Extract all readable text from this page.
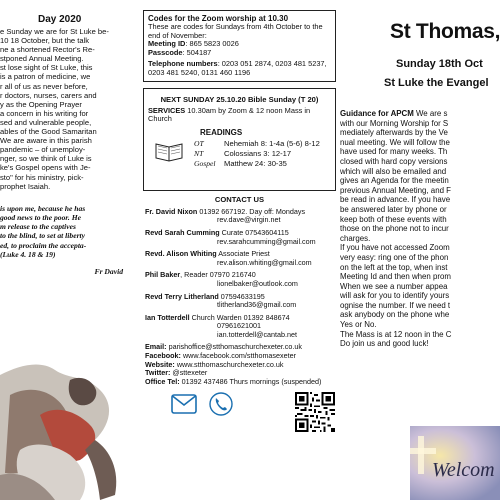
Day 2020

e Sunday we are for St Luke be-

10 18 October, but the talk

ne a shortened Rector's Re-

stponed Annual Meeting.

st lose sight of St Luke, this

is a patron of medicine, we

r all of us as never before,

r doctors, nurses, carers and

y as the Opening Prayer

a concern in his writing for

sed and vulnerable people,

ables of the Good Samaritan

We are aware in this parish

pandemic – of unemploy-

nger, so we think of Luke is

ke's Gospel opens with Je-

sto" for his ministry, pick-

prophet Isaiah.

is upon me, because he has
good news to the poor. He
m release to the captives
to the blind, to set at liberty
ed, to proclaim the accepta-
(Luke 4. 18 & 19)
Fr David
Codes for the Zoom worship at 10.30
These are codes for Sundays from 4th October to the end of November:
Meeting ID: 865 5823 0026
Passcode: 504187
Telephone numbers: 0203 051 2874, 0203 481 5237, 0203 481 5240, 0131 460 1196
NEXT SUNDAY 25.10.20 Bible Sunday (T 20)
SERVICES 10.30am by Zoom & 12 noon Mass in Church
READINGS
OT	Nehemiah 8: 1-4a (5-6) 8-12
NT	Colossians 3: 12-17
Gospel Matthew 24: 30-35
CONTACT US
Fr. David Nixon 01392 667192. Day off: Mondays
rev.dave@virgin.net
Revd Sarah Cumming Curate 07543604115
rev.sarahcumming@gmail.com
Revd. Alison Whiting Associate Priest
rev.alison.whiting@gmail.com
Phil Baker, Reader 07970 216740
lionelbaker@outlook.com
Revd Terry Litherland 07594633195
tlitherland36@gmail.com
Ian Totterdell Church Warden 01392 848674
07961621001 ian.totterdell@cantab.net
Email: parishoffice@stthomaschurchexeter.co.uk
Facebook: www.facebook.com/stthomasexeter
Website: www.stthomaschurchexeter.co.uk
Twitter: @sttexeter
Office Tel: 01392 437486 Thurs mornings (suspended)
St Thomas,
Sunday 18th Oct
St Luke the Evangel

Guidance for APCM We are s

with our Morning Worship for S

mediately afterwards by the Ve

nual meeting. We will follow the

have used for many weeks. Th

closed with hard copy versions

which will also be emailed and

gives an Agenda for the meetin

previous Annual Meeting, and F

be read in advance. If you have

be answered later by phone or

keep both of these events with

those on the phone not to incur

charges.

If you have not accessed Zoom

very easy: ring one of the phon

on the left at the top, when inst

Meeting Id and then when prom

When we see a number appea

will ask for you to identify yours

ognise the number. If we need t

ask anybody on the phone whe

Yes or No.

The Mass is at 12 noon in the C

Do join us and good luck!

Welcom
